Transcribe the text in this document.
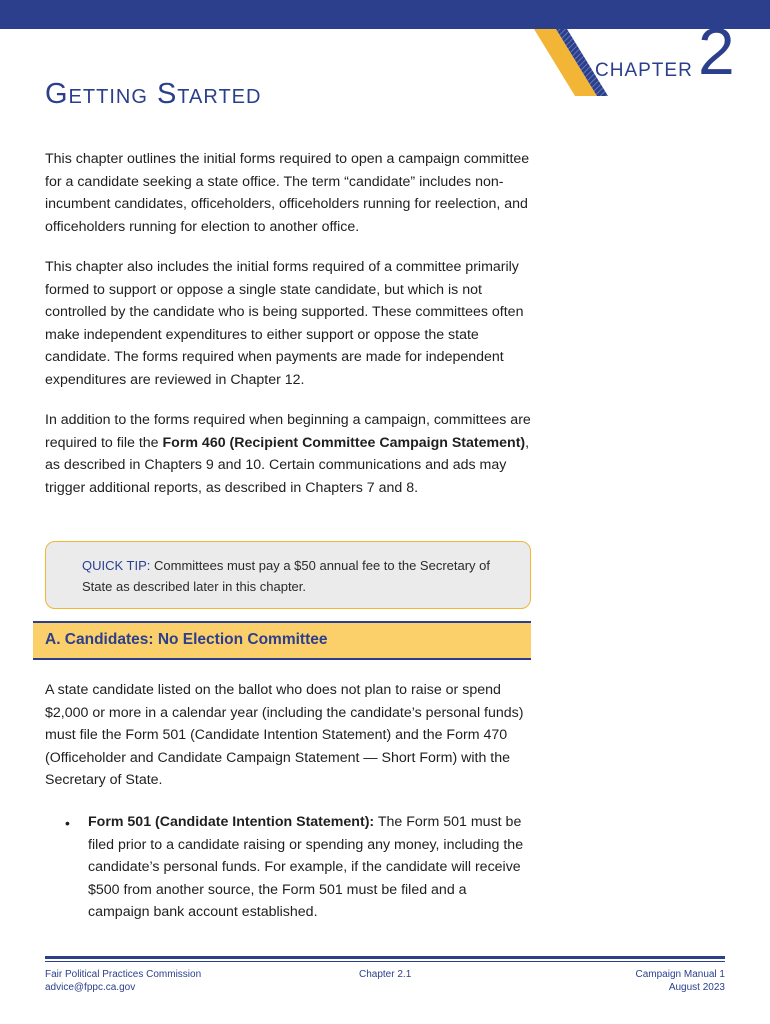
CHAPTER 2
Getting Started

This chapter outlines the initial forms required to open a campaign committee for a candidate seeking a state office. The term “candidate” includes non-incumbent candidates, officeholders, officeholders running for reelection, and officeholders running for election to another office.

This chapter also includes the initial forms required of a committee primarily formed to support or oppose a single state candidate, but which is not controlled by the candidate who is being supported. These committees often make independent expenditures to either support or oppose the state candidate. The forms required when payments are made for independent expenditures are reviewed in Chapter 12.

In addition to the forms required when beginning a campaign, committees are required to file the Form 460 (Recipient Committee Campaign Statement), as described in Chapters 9 and 10. Certain communications and ads may trigger additional reports, as described in Chapters 7 and 8.

QUICK TIP: Committees must pay a $50 annual fee to the Secretary of State as described later in this chapter.
A. Candidates: No Election Committee

A state candidate listed on the ballot who does not plan to raise or spend $2,000 or more in a calendar year (including the candidate’s personal funds) must file the Form 501 (Candidate Intention Statement) and the Form 470 (Officeholder and Candidate Campaign Statement — Short Form) with the Secretary of State.

• Form 501 (Candidate Intention Statement): The Form 501 must be filed prior to a candidate raising or spending any money, including the candidate’s personal funds. For example, if the candidate will receive $500 from another source, the Form 501 must be filed and a campaign bank account established.

Fair Political Practices Commission
advice@fppc.ca.gov
Chapter 2.1	Campaign Manual 1
August 2023
